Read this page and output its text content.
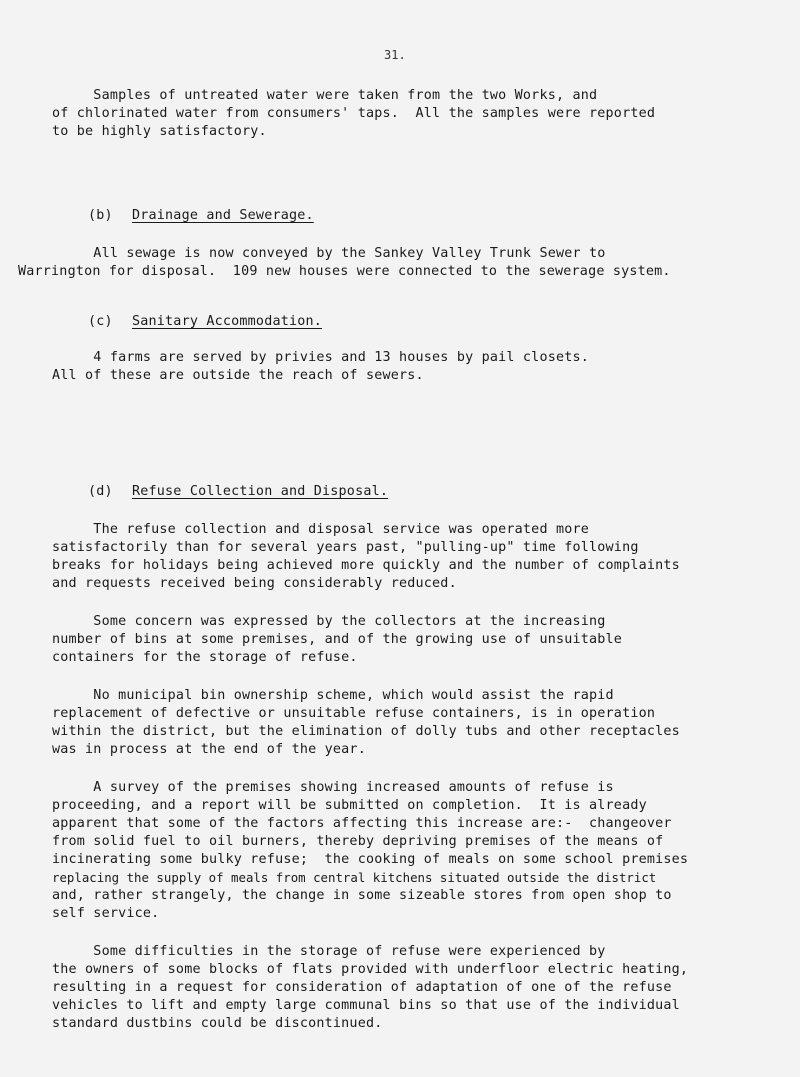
31.
Samples of untreated water were taken from the two Works, and
of chlorinated water from consumers' taps.  All the samples were reported
to be highly satisfactory.
(b) Drainage and Sewerage.
All sewage is now conveyed by the Sankey Valley Trunk Sewer to
Warrington for disposal.  109 new houses were connected to the sewerage system.
(c) Sanitary Accommodation.
4 farms are served by privies and 13 houses by pail closets.
All of these are outside the reach of sewers.
(d) Refuse Collection and Disposal.
The refuse collection and disposal service was operated more
satisfactorily than for several years past, "pulling-up" time following
breaks for holidays being achieved more quickly and the number of complaints
and requests received being considerably reduced.
Some concern was expressed by the collectors at the increasing
number of bins at some premises, and of the growing use of unsuitable
containers for the storage of refuse.
No municipal bin ownership scheme, which would assist the rapid
replacement of defective or unsuitable refuse containers, is in operation
within the district, but the elimination of dolly tubs and other receptacles
was in process at the end of the year.
A survey of the premises showing increased amounts of refuse is
proceeding, and a report will be submitted on completion.  It is already
apparent that some of the factors affecting this increase are:-  changeover
from solid fuel to oil burners, thereby depriving premises of the means of
incinerating some bulky refuse;  the cooking of meals on some school premises
replacing the supply of meals from central kitchens situated outside the district
and, rather strangely, the change in some sizeable stores from open shop to
self service.
Some difficulties in the storage of refuse were experienced by
the owners of some blocks of flats provided with underfloor electric heating,
resulting in a request for consideration of adaptation of one of the refuse
vehicles to lift and empty large communal bins so that use of the individual
standard dustbins could be discontinued.
